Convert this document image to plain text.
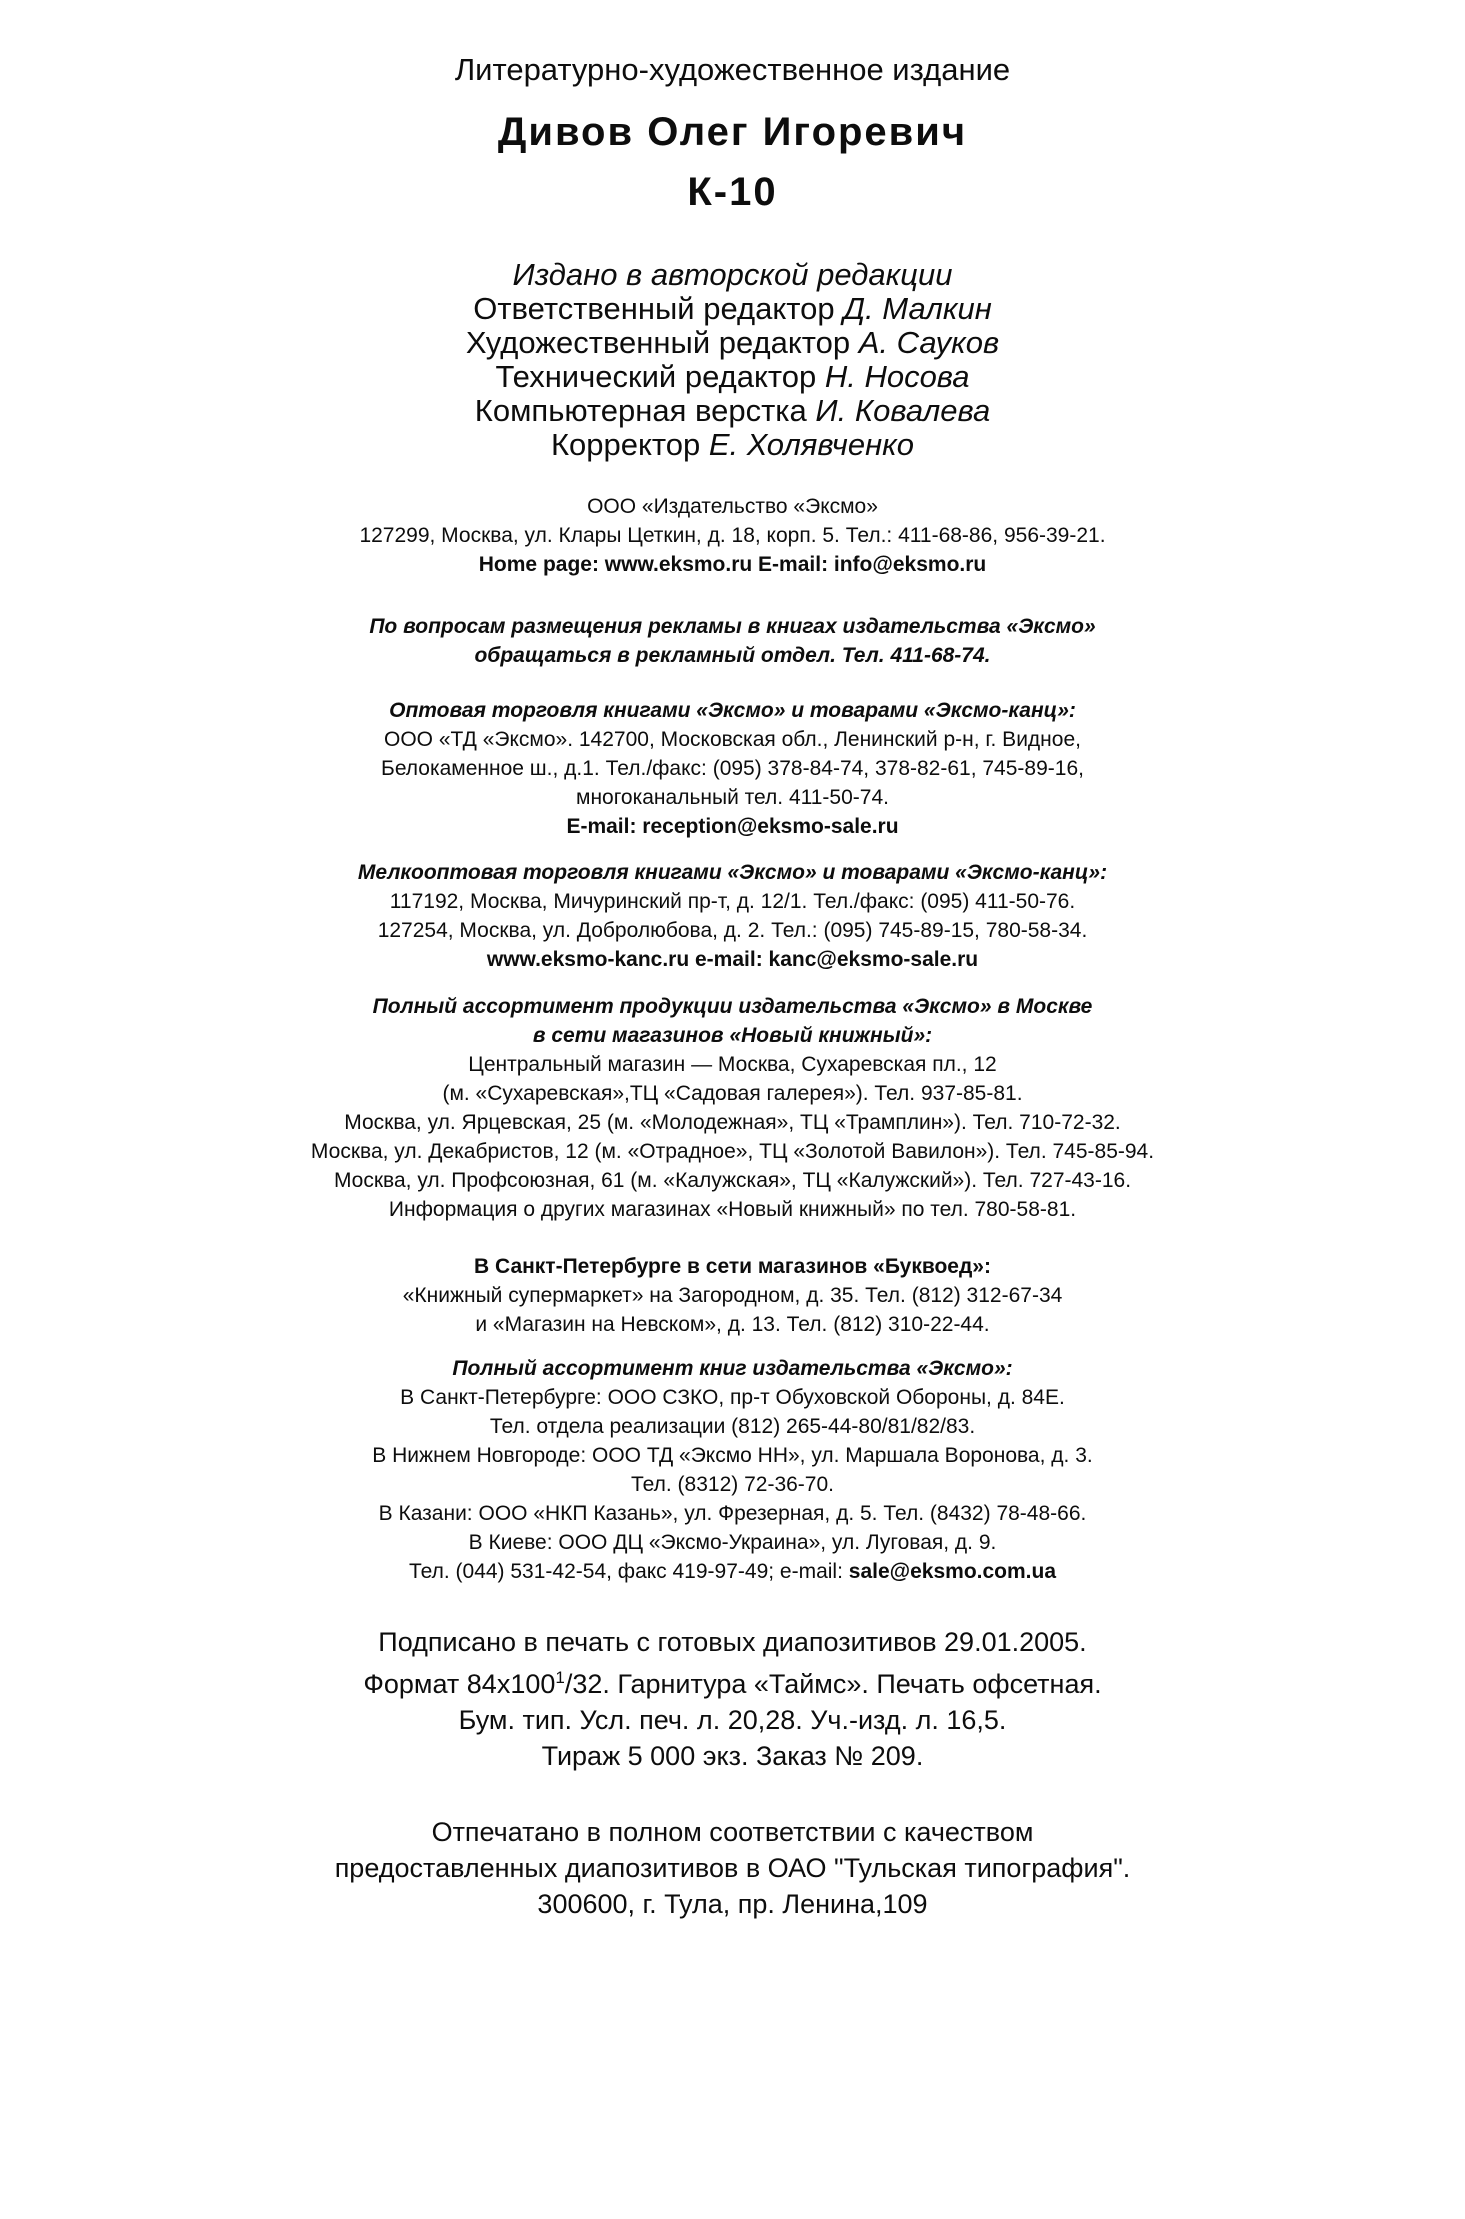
Литературно-художественное издание

Дивов Олег Игоревич

К-10

Издано в авторской редакции

Ответственный редактор Д. Малкин

Художественный редактор А. Сауков

Технический редактор Н. Носова

Компьютерная верстка И. Ковалева

Корректор Е. Холявченко

ООО «Издательство «Эксмо»

127299, Москва, ул. Клары Цеткин, д. 18, корп. 5. Тел.: 411-68-86, 956-39-21.

Home page: www.eksmo.ru E-mail: info@eksmo.ru

По вопросам размещения рекламы в книгах издательства «Эксмо»

обращаться в рекламный отдел. Тел. 411-68-74.

Оптовая торговля книгами «Эксмо» и товарами «Эксмо-канц»:

ООО «ТД «Эксмо». 142700, Московская обл., Ленинский р-н, г. Видное,

Белокаменное ш., д.1. Тел./факс: (095) 378-84-74, 378-82-61, 745-89-16,

многоканальный тел. 411-50-74.

E-mail: reception@eksmo-sale.ru

Мелкооптовая торговля книгами «Эксмо» и товарами «Эксмо-канц»:

117192, Москва, Мичуринский пр-т, д. 12/1. Тел./факс: (095) 411-50-76.

127254, Москва, ул. Добролюбова, д. 2. Тел.: (095) 745-89-15, 780-58-34.

www.eksmo-kanc.ru e-mail: kanc@eksmo-sale.ru

Полный ассортимент продукции издательства «Эксмо» в Москве

в сети магазинов «Новый книжный»:

Центральный магазин — Москва, Сухаревская пл., 12

(м. «Сухаревская»,ТЦ «Садовая галерея»). Тел. 937-85-81.

Москва, ул. Ярцевская, 25 (м. «Молодежная», ТЦ «Трамплин»). Тел. 710-72-32.

Москва, ул. Декабристов, 12 (м. «Отрадное», ТЦ «Золотой Вавилон»). Тел. 745-85-94.

Москва, ул. Профсоюзная, 61 (м. «Калужская», ТЦ «Калужский»). Тел. 727-43-16.

Информация о других магазинах «Новый книжный» по тел. 780-58-81.

В Санкт-Петербурге в сети магазинов «Буквоед»:

«Книжный супермаркет» на Загородном, д. 35. Тел. (812) 312-67-34

и «Магазин на Невском», д. 13. Тел. (812) 310-22-44.

Полный ассортимент книг издательства «Эксмо»:

В Санкт-Петербурге: ООО СЗКО, пр-т Обуховской Обороны, д. 84Е.

Тел. отдела реализации (812) 265-44-80/81/82/83.

В Нижнем Новгороде: ООО ТД «Эксмо НН», ул. Маршала Воронова, д. 3.

Тел. (8312) 72-36-70.

В Казани: ООО «НКП Казань», ул. Фрезерная, д. 5. Тел. (8432) 78-48-66.

В Киеве: ООО ДЦ «Эксмо-Украина», ул. Луговая, д. 9.

Тел. (044) 531-42-54, факс 419-97-49; e-mail: sale@eksmo.com.ua

Подписано в печать с готовых диапозитивов 29.01.2005.

Формат $84x100^1/32$. Гарнитура «Таймс». Печать офсетная.

Бум. тип. Усл. печ. л. 20,28. Уч.-изд. л. 16,5.

Тираж 5 000 экз. Заказ № 209.

Отпечатано в полном соответствии с качеством

предоставленных диапозитивов в ОАО "Тульская типография".

300600, г. Тула, пр. Ленина,109
